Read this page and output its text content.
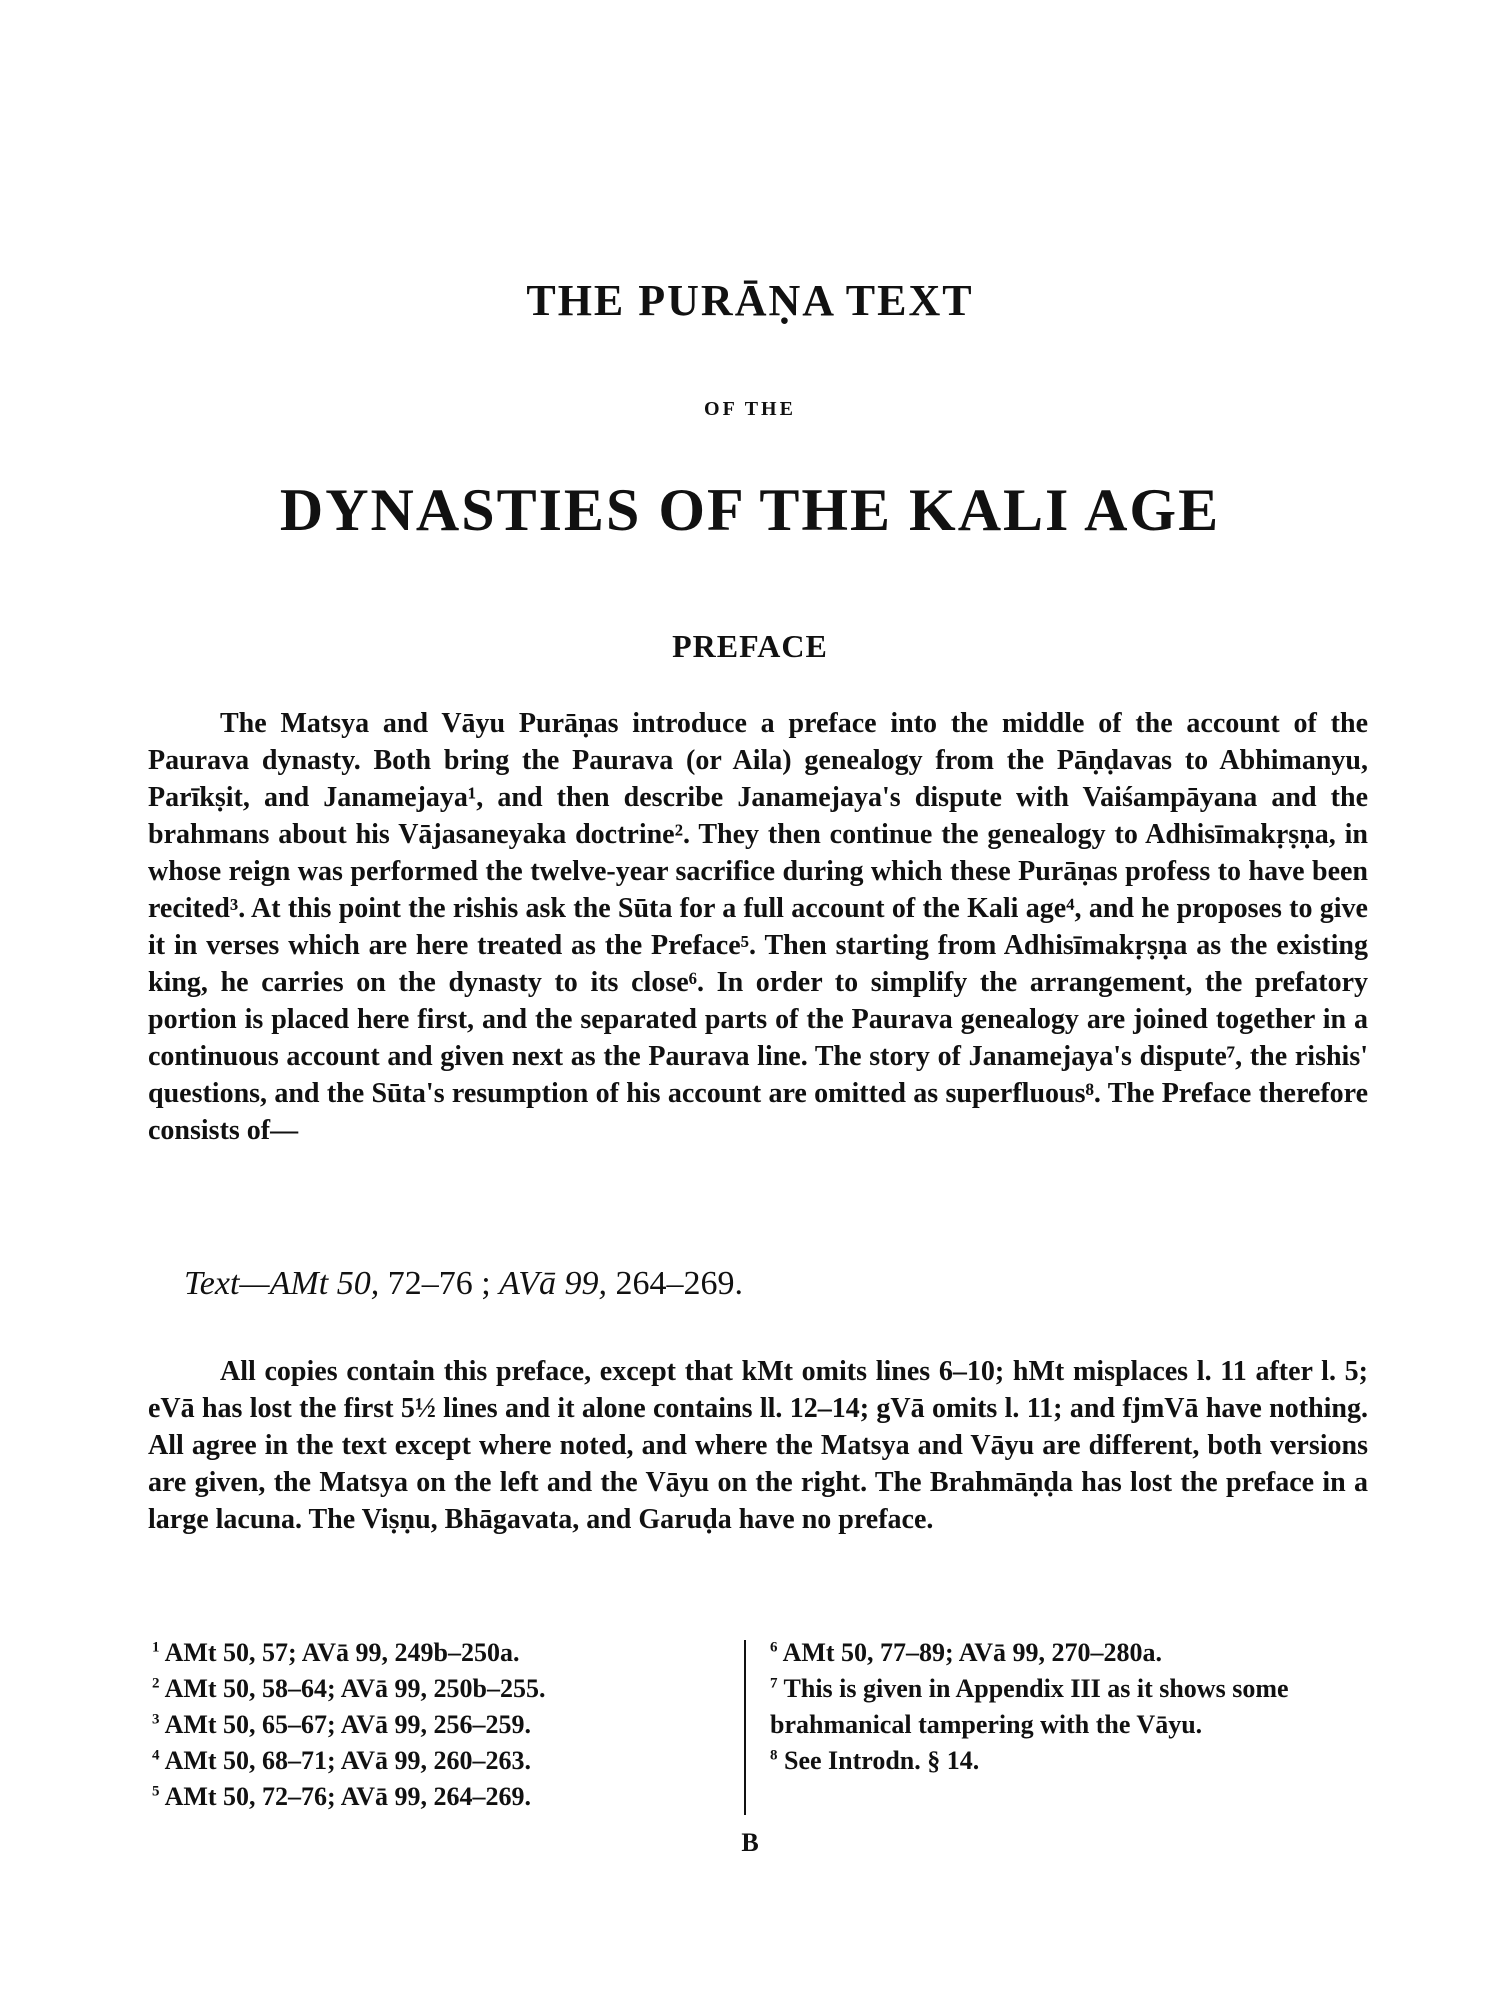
THE PURĀṆA TEXT
OF THE
DYNASTIES OF THE KALI AGE
PREFACE

The Matsya and Vāyu Purāṇas introduce a preface into the middle of the account of the Paurava dynasty. Both bring the Paurava (or Aila) genealogy from the Pāṇḍavas to Abhimanyu, Parīkṣit, and Janamejaya¹, and then describe Janamejaya's dispute with Vaiśampāyana and the brahmans about his Vājasaneyaka doctrine². They then continue the genealogy to Adhisīmakṛṣṇa, in whose reign was performed the twelve-year sacrifice during which these Purāṇas profess to have been recited³. At this point the rishis ask the Sūta for a full account of the Kali age⁴, and he proposes to give it in verses which are here treated as the Preface⁵. Then starting from Adhisīmakṛṣṇa as the existing king, he carries on the dynasty to its close⁶. In order to simplify the arrangement, the prefatory portion is placed here first, and the separated parts of the Paurava genealogy are joined together in a continuous account and given next as the Paurava line. The story of Janamejaya's dispute⁷, the rishis' questions, and the Sūta's resumption of his account are omitted as superfluous⁸. The Preface therefore consists of—

Text—AMt 50, 72–76 ; AVā 99, 264–269.

All copies contain this preface, except that kMt omits lines 6–10; hMt misplaces l. 11 after l. 5; eVā has lost the first 5½ lines and it alone contains ll. 12–14; gVā omits l. 11; and fjmVā have nothing. All agree in the text except where noted, and where the Matsya and Vāyu are different, both versions are given, the Matsya on the left and the Vāyu on the right. The Brahmāṇḍa has lost the preface in a large lacuna. The Viṣṇu, Bhāgavata, and Garuḍa have no preface.

$^1$ AMt 50, 57; AVā 99, 249b–250a.
$^2$ AMt 50, 58–64; AVā 99, 250b–255.
$^3$ AMt 50, 65–67; AVā 99, 256–259.
$^4$ AMt 50, 68–71; AVā 99, 260–263.
$^5$ AMt 50, 72–76; AVā 99, 264–269.
$^6$ AMt 50, 77–89; AVā 99, 270–280a.
$^7$ This is given in Appendix III as it shows some brahmanical tampering with the Vāyu.
$^8$ See Introdn. § 14.
B
